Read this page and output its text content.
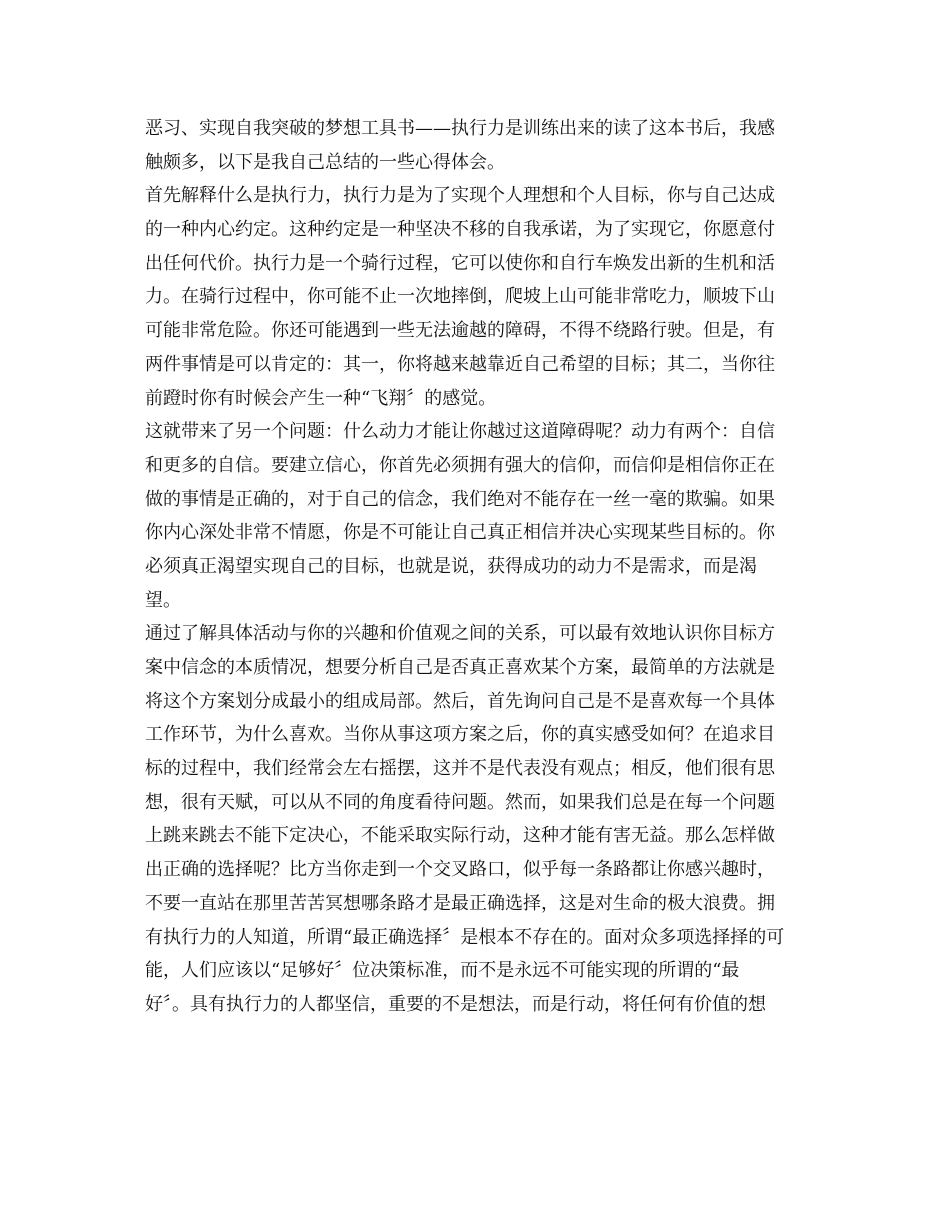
恶习、实现自我突破的梦想工具书——执行力是训练出来的读了这本书后，我感
触颇多，以下是我自己总结的一些心得体会。
首先解释什么是执行力，执行力是为了实现个人理想和个人目标，你与自己达成
的一种内心约定。这种约定是一种坚决不移的自我承诺，为了实现它，你愿意付
出任何代价。执行力是一个骑行过程，它可以使你和自行车焕发出新的生机和活
力。在骑行过程中，你可能不止一次地摔倒，爬坡上山可能非常吃力，顺坡下山
可能非常危险。你还可能遇到一些无法逾越的障碍，不得不绕路行驶。但是，有
两件事情是可以肯定的：其一，你将越来越靠近自己希望的目标；其二，当你往
前蹬时你有时候会产生一种“飞翔〞的感觉。
这就带来了另一个问题：什么动力才能让你越过这道障碍呢？动力有两个：自信
和更多的自信。要建立信心，你首先必须拥有强大的信仰，而信仰是相信你正在
做的事情是正确的，对于自己的信念，我们绝对不能存在一丝一毫的欺骗。如果
你内心深处非常不情愿，你是不可能让自己真正相信并决心实现某些目标的。你
必须真正渴望实现自己的目标，也就是说，获得成功的动力不是需求，而是渴
望。
通过了解具体活动与你的兴趣和价值观之间的关系，可以最有效地认识你目标方
案中信念的本质情况，想要分析自己是否真正喜欢某个方案，最简单的方法就是
将这个方案划分成最小的组成局部。然后，首先询问自己是不是喜欢每一个具体
工作环节，为什么喜欢。当你从事这项方案之后，你的真实感受如何？在追求目
标的过程中，我们经常会左右摇摆，这并不是代表没有观点；相反，他们很有思
想，很有天赋，可以从不同的角度看待问题。然而，如果我们总是在每一个问题
上跳来跳去不能下定决心，不能采取实际行动，这种才能有害无益。那么怎样做
出正确的选择呢？比方当你走到一个交叉路口，似乎每一条路都让你感兴趣时，
不要一直站在那里苦苦冥想哪条路才是最正确选择，这是对生命的极大浪费。拥
有执行力的人知道，所谓“最正确选择〞是根本不存在的。面对众多项选择择的可
能，人们应该以“足够好〞位决策标准，而不是永远不可能实现的所谓的“最
好〞。具有执行力的人都坚信，重要的不是想法，而是行动，将任何有价值的想
